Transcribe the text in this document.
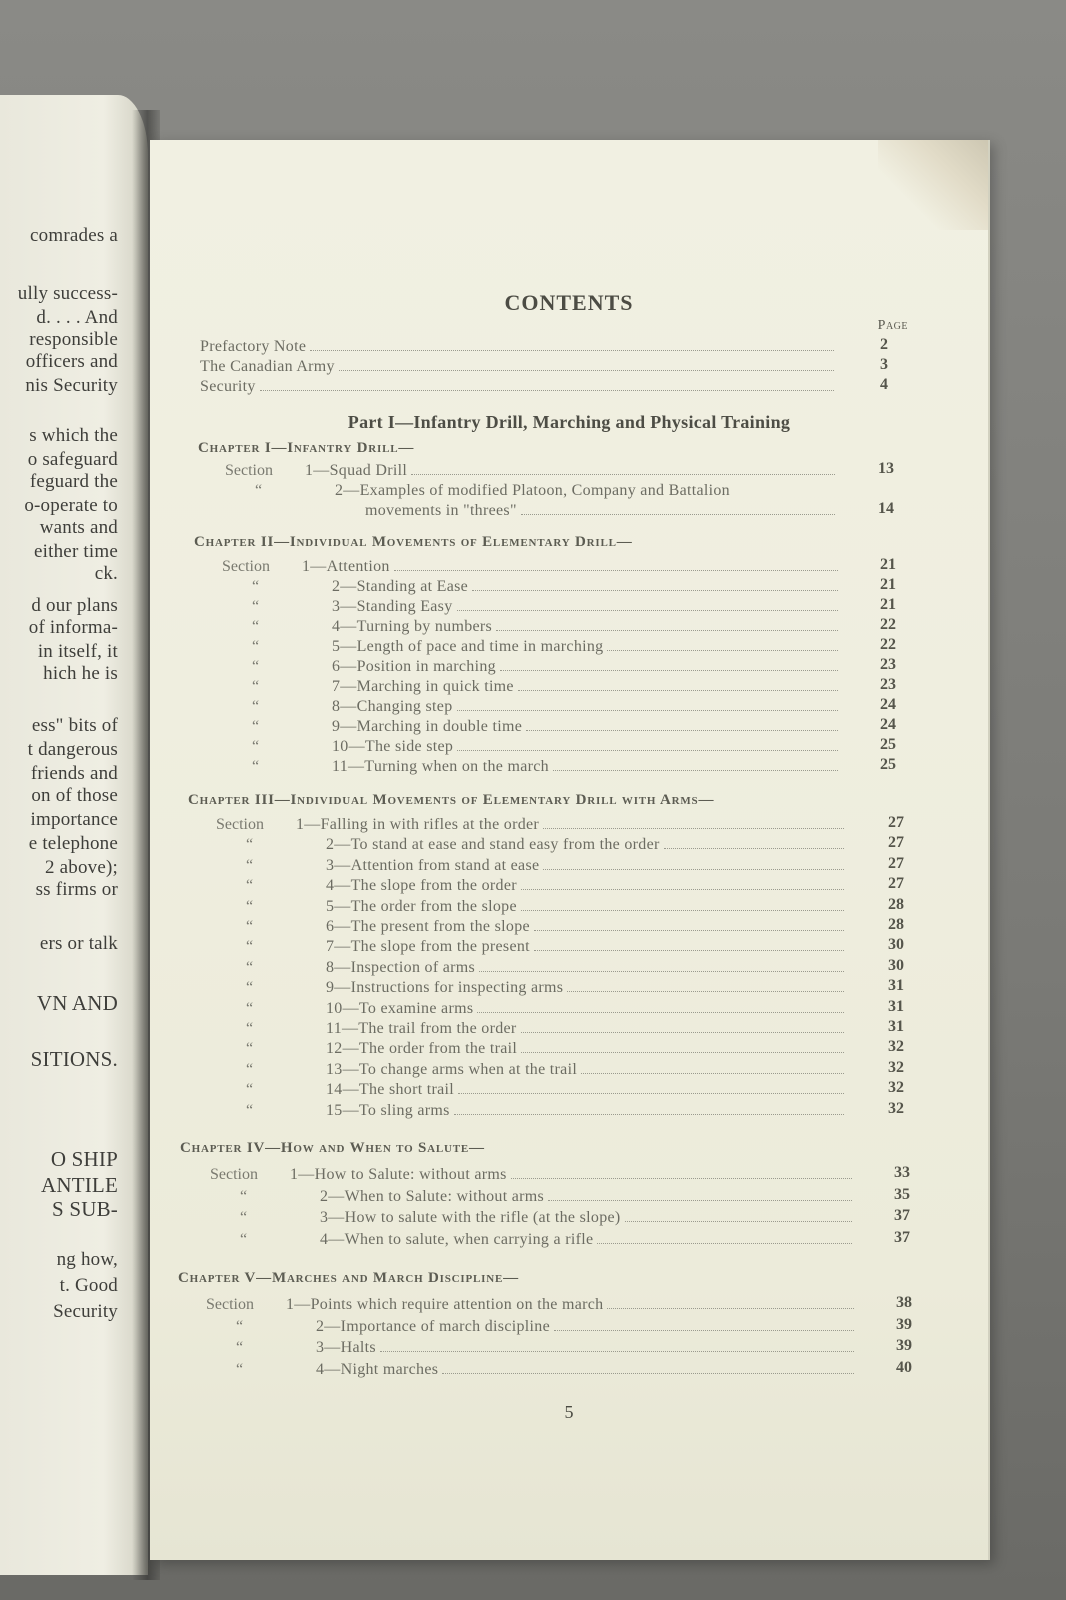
comrades a
ully success-
d. . . . And
responsible
officers and
nis Security
s which the
o safeguard
feguard the
o-operate to
wants and
either time
ck.
d our plans
of informa-
in itself, it
hich he is
ess" bits of
t dangerous
friends and
on of those
importance
e telephone
2 above);
ss firms or
ers or talk
VN AND
SITIONS.
O SHIP
ANTILE
S SUB-
ng how,
t. Good
Security
CONTENTS
Page
Prefactory Note	2
The Canadian Army	3
Security	4
Part I—Infantry Drill, Marching and Physical Training
Chapter I—Infantry Drill—
Section	1—Squad Drill	13
“	2—Examples of modified Platoon, Company and Battalion
movements in "threes"	14
Chapter II—Individual Movements of Elementary Drill—
Section	1—Attention	21
“	2—Standing at Ease	21
“	3—Standing Easy	21
“	4—Turning by numbers	22
“	5—Length of pace and time in marching	22
“	6—Position in marching	23
“	7—Marching in quick time	23
“	8—Changing step	24
“	9—Marching in double time	24
“	10—The side step	25
“	11—Turning when on the march	25
Chapter III—Individual Movements of Elementary Drill with Arms—
Section	1—Falling in with rifles at the order	27
“	2—To stand at ease and stand easy from the order	27
“	3—Attention from stand at ease	27
“	4—The slope from the order	27
“	5—The order from the slope	28
“	6—The present from the slope	28
“	7—The slope from the present	30
“	8—Inspection of arms	30
“	9—Instructions for inspecting arms	31
“	10—To examine arms	31
“	11—The trail from the order	31
“	12—The order from the trail	32
“	13—To change arms when at the trail	32
“	14—The short trail	32
“	15—To sling arms	32
Chapter IV—How and When to Salute—
Section	1—How to Salute: without arms	33
“	2—When to Salute: without arms	35
“	3—How to salute with the rifle (at the slope)	37
“	4—When to salute, when carrying a rifle	37
Chapter V—Marches and March Discipline—
Section	1—Points which require attention on the march	38
“	2—Importance of march discipline	39
“	3—Halts	39
“	4—Night marches	40
5
